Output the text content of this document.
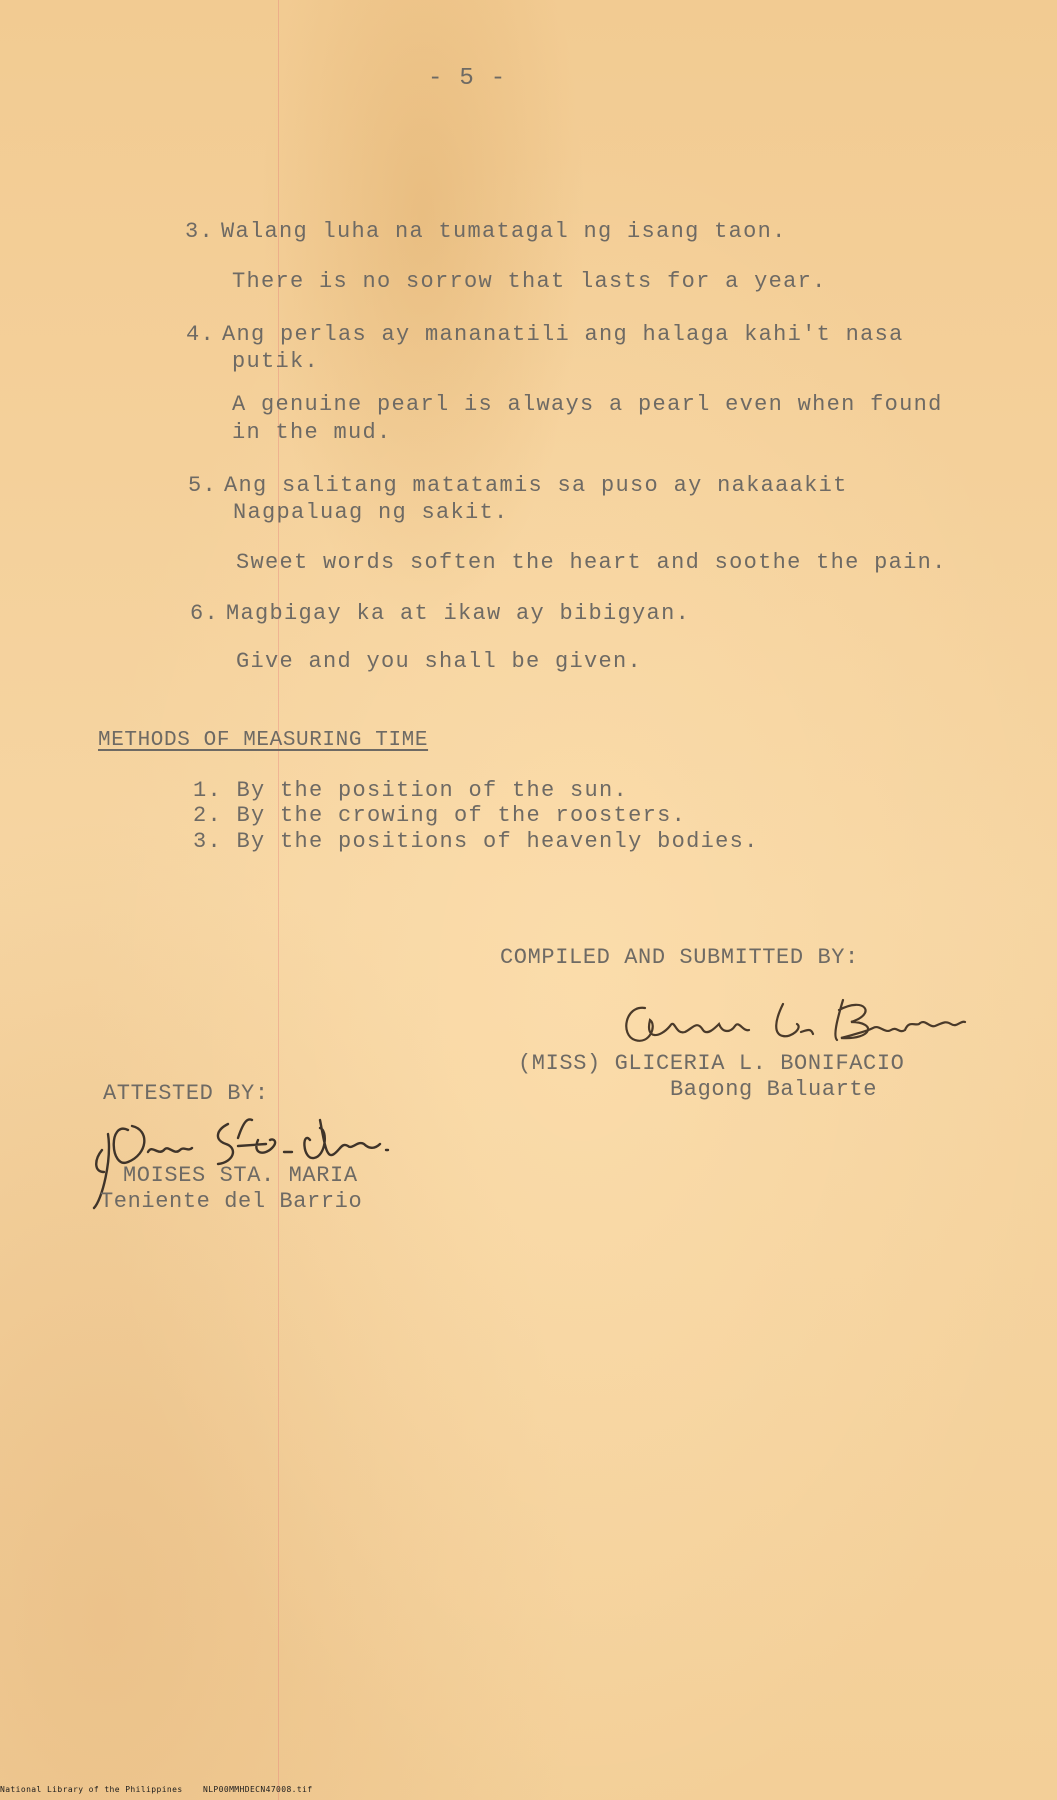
- 5 -
3. Walang luha na tumatagal ng isang taon.
There is no sorrow that lasts for a year.
4. Ang perlas ay mananatili ang halaga kahi't nasa
putik.
A genuine pearl is always a pearl even when found
in the mud.
5. Ang salitang matatamis sa puso ay nakaaakit
Nagpaluag ng sakit.
Sweet words soften the heart and soothe the pain.
6. Magbigay ka at ikaw ay bibigyan.
Give and you shall be given.
METHODS OF MEASURING TIME
1. By the position of the sun.
2. By the crowing of the roosters.
3. By the positions of heavenly bodies.
COMPILED AND SUBMITTED BY:
(MISS) GLICERIA L. BONIFACIO
Bagong Baluarte
ATTESTED BY:
MOISES STA. MARIA
Teniente del Barrio
National Library of the Philippines	NLP00MMHDECN47008.tif
